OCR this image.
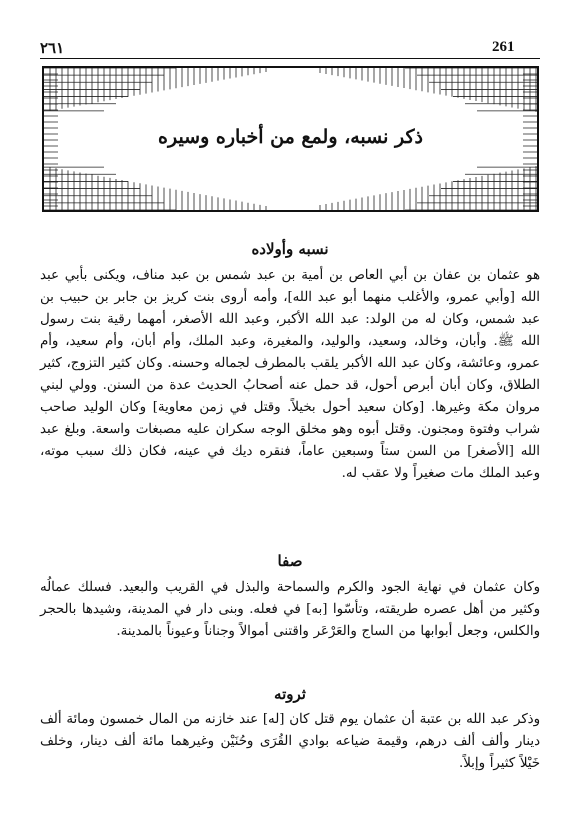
261
٢٦١
ذكر نسبه، ولمع من أخباره وسيره
نسبه وأولاده

هو عثمان بن عفان بن أبي العاص بن أمية بن عبد شمس بن عبد مناف، ويكنى بأبي عبد الله [وأبي عمرو، والأغلب منهما أبو عبد الله]، وأمه أروى بنت كريز بن جابر بن حبيب بن عبد شمس، وكان له من الولد: عبد الله الأكبر، وعبد الله الأصغر، أمهما رقية بنت رسول الله ﷺ. وأبان، وخالد، وسعيد، والوليد، والمغيرة، وعبد الملك، وأم أبان، وأم سعيد، وأم عمرو، وعائشة، وكان عبد الله الأكبر يلقب بالمطرف لجماله وحسنه. وكان كثير التزوج، كثير الطلاق، وكان أبان أبرص أحول، قد حمل عنه أصحابُ الحديث عدة من السنن. وولي لبني مروان مكة وغيرها. [وكان سعيد أحول بخيلاً. وقتل في زمن معاوية] وكان الوليد صاحب شراب وفتوة ومجنون. وقتل أبوه وهو مخلق الوجه سكران عليه مصبغات واسعة. وبلغ عبد الله [الأصغر] من السن ستاً وسبعين عاماً، فنقره ديك في عينه، فكان ذلك سبب موته، وعبد الملك مات صغيراً ولا عقب له.

صفا

وكان عثمان في نهاية الجود والكرم والسماحة والبذل في القريب والبعيد. فسلك عمالُه وكثير من أهل عصره طريقته، وتأسّوا [به] في فعله. وبنى دار في المدينة، وشيدها بالحجر والكلس، وجعل أبوابها من الساج والعَرْعَر واقتنى أموالاً وجناناً وعيوناً بالمدينة.

ثروته

وذكر عبد الله بن عتبة أن عثمان يوم قتل كان [له] عند خازنه من المال خمسون ومائة ألف دينار وألف ألف درهم، وقيمة ضياعه بوادي القُرَى وحُنَيْن وغيرهما مائة ألف دينار، وخلف خَيْلاً كثيراً وإبلاً.
